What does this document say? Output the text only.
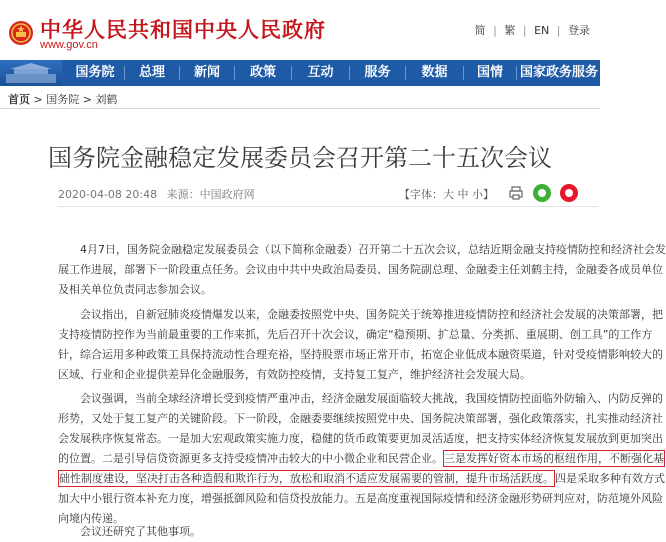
中华人民共和国中央人民政府
www.gov.cn
简 | 繁 | EN | 登录
国务院	总理	新闻	政策	互动	服务	数据	国情	国家政务服务
首页 > 国务院 > 刘鹤
国务院金融稳定发展委员会召开第二十五次会议
2020-04-08 20:48 来源：中国政府网	【字体：大 中 小】

4月7日，国务院金融稳定发展委员会（以下简称金融委）召开第二十五次会议，总结近期金融支持疫情防控和经济社会发
展工作进展，部署下一阶段重点任务。会议由中共中央政治局委员、国务院副总理、金融委主任刘鹤主持，金融委各成员单位
及相关单位负责同志参加会议。
会议指出，自新冠肺炎疫情爆发以来，金融委按照党中央、国务院关于统筹推进疫情防控和经济社会发展的决策部署，把
支持疫情防控作为当前最重要的工作来抓，先后召开十次会议，确定“稳预期、扩总量、分类抓、重展期、创工具”的工作方
针，综合运用多种政策工具保持流动性合理充裕，坚持股票市场正常开市，拓宽企业低成本融资渠道，针对受疫情影响较大的
区域、行业和企业提供差异化金融服务，有效防控疫情，支持复工复产，维护经济社会发展大局。
会议强调，当前全球经济增长受到疫情严重冲击，经济金融发展面临较大挑战，我国疫情防控面临外防输入、内防反弹的
形势，又处于复工复产的关键阶段。下一阶段，金融委要继续按照党中央、国务院决策部署，强化政策落实，扎实推动经济社
会发展秩序恢复常态。一是加大宏观政策实施力度，稳健的货币政策要更加灵活适度，把支持实体经济恢复发展放到更加突出
的位置。二是引导信贷资源更多支持受疫情冲击较大的中小微企业和民营企业。三是发挥好资本市场的枢纽作用，不断强化基
础性制度建设，坚决打击各种造假和欺诈行为，放松和取消不适应发展需要的管制，提升市场活跃度。四是采取多种有效方式
加大中小银行资本补充力度，增强抵御风险和信贷投放能力。五是高度重视国际疫情和经济金融形势研判应对，防范境外风险
向境内传递。
会议还研究了其他事项。
